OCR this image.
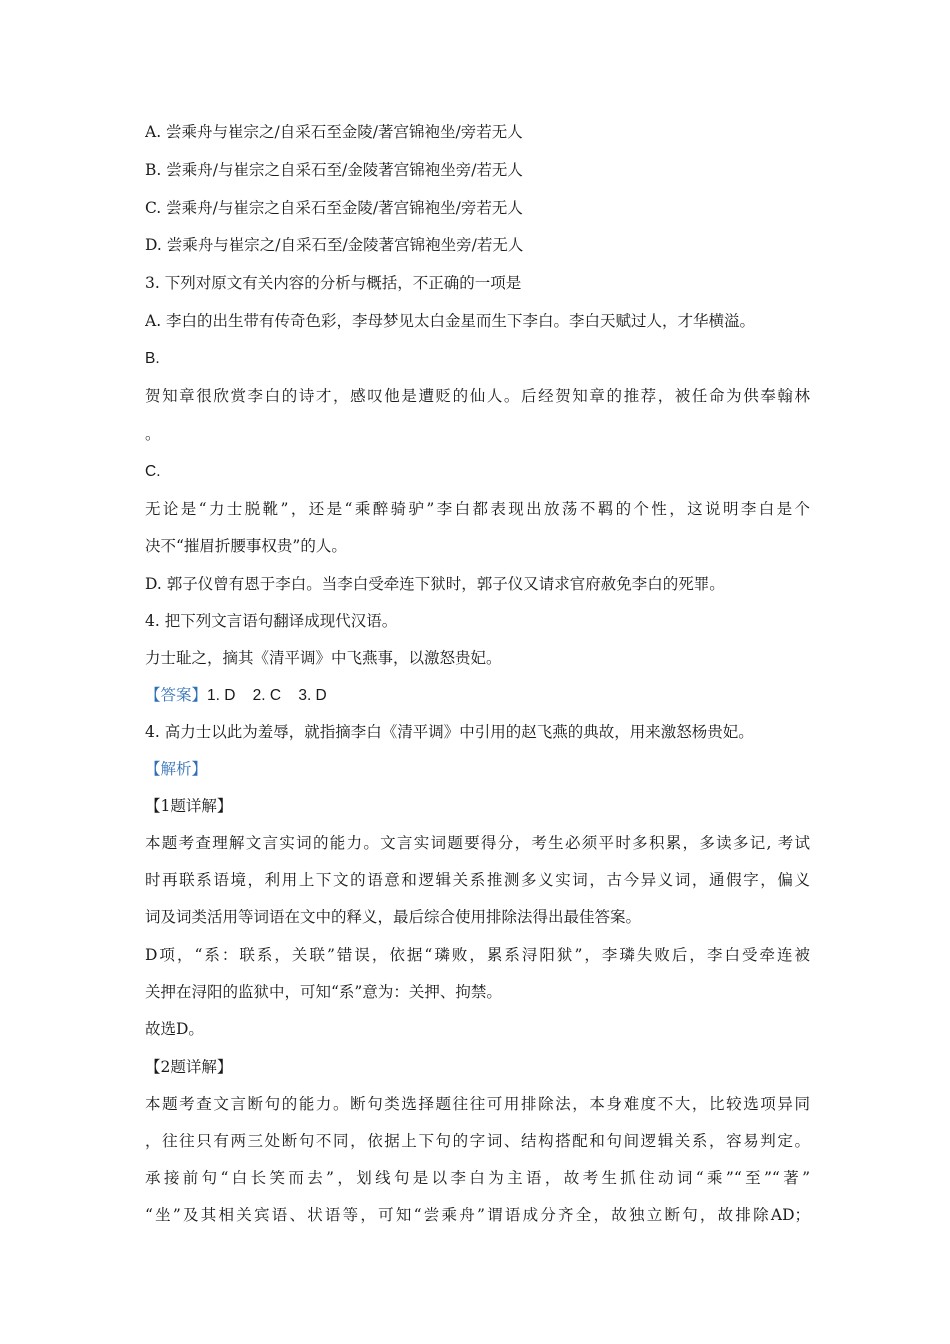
A. 尝乘舟与崔宗之/自采石至金陵/著宫锦袍坐/旁若无人
B. 尝乘舟/与崔宗之自采石至/金陵著宫锦袍坐旁/若无人
C. 尝乘舟/与崔宗之自采石至金陵/著宫锦袍坐/旁若无人
D. 尝乘舟与崔宗之/自采石至/金陵著宫锦袍坐旁/若无人
3. 下列对原文有关内容的分析与概括，不正确的一项是
A. 李白的出生带有传奇色彩，李母梦见太白金星而生下李白。李白天赋过人，才华横溢。
B.
贺知章很欣赏李白的诗才，感叹他是遭贬的仙人。后经贺知章的推荐，被任命为供奉翰林
。
C.
无论是“力士脱靴”，还是“乘醉骑驴”李白都表现出放荡不羁的个性，这说明李白是个
决不“摧眉折腰事权贵”的人。
D. 郭子仪曾有恩于李白。当李白受牵连下狱时，郭子仪又请求官府赦免李白的死罪。
4. 把下列文言语句翻译成现代汉语。
力士耻之，摘其《清平调》中飞燕事，以激怒贵妃。
【答案】1. D    2. C    3. D
4. 高力士以此为羞辱，就指摘李白《清平调》中引用的赵飞燕的典故，用来激怒杨贵妃。
【解析】
【1题详解】
本题考查理解文言实词的能力。文言实词题要得分，考生必须平时多积累，多读多记, 考试
时再联系语境，利用上下文的语意和逻辑关系推测多义实词，古今异义词，通假字，偏义
词及词类活用等词语在文中的释义，最后综合使用排除法得出最佳答案。
D项，“系：联系，关联”错误，依据“璘败，累系浔阳狱”，李璘失败后，李白受牵连被
关押在浔阳的监狱中，可知“系”意为：关押、拘禁。
故选D。
【2题详解】
本题考查文言断句的能力。断句类选择题往往可用排除法，本身难度不大，比较选项异同
，往往只有两三处断句不同，依据上下句的字词、结构搭配和句间逻辑关系，容易判定。
承接前句“白长笑而去”，划线句是以李白为主语，故考生抓住动词“乘”“至”“著”
“坐”及其相关宾语、状语等，可知“尝乘舟”谓语成分齐全，故独立断句，故排除AD；
